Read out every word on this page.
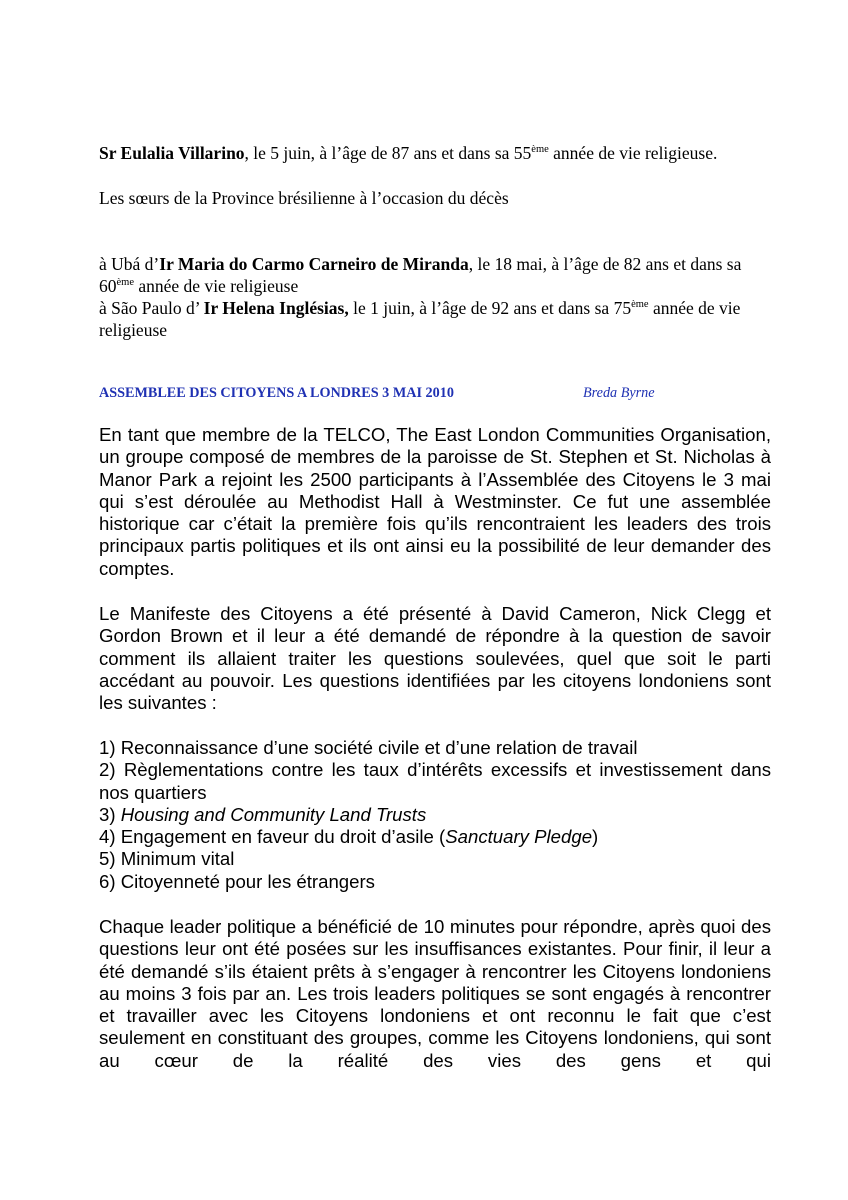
Sr Eulalia Villarino, le 5 juin, à l’âge de 87 ans et dans sa 55ème année de vie religieuse.

Les sœurs de la Province brésilienne à l’occasion du décès

à Ubá d’Ir Maria do Carmo Carneiro de Miranda, le 18 mai, à l’âge de 82 ans et dans sa 60ème année de vie religieuse
à São Paulo d’ Ir Helena Inglésias, le 1 juin, à l’âge de 92 ans et dans sa 75ème année de vie religieuse
ASSEMBLEE DES CITOYENS A LONDRES 3 MAI 2010	Breda Byrne

En tant que membre de la TELCO, The East London Communities Organisation, un groupe composé de membres de la paroisse de St. Stephen et St. Nicholas à Manor Park a rejoint les 2500 participants à l’Assemblée des Citoyens le 3 mai qui s’est déroulée au Methodist Hall à Westminster. Ce fut une assemblée historique car c’était la première fois qu’ils rencontraient les leaders des trois principaux partis politiques et ils ont ainsi eu la possibilité de leur demander des comptes.

Le Manifeste des Citoyens a été présenté à David Cameron, Nick Clegg et Gordon Brown et il leur a été demandé de répondre à la question de savoir comment ils allaient traiter les questions soulevées, quel que soit le parti accédant au pouvoir. Les questions identifiées par les citoyens londoniens sont les suivantes :

1) Reconnaissance d’une société civile et d’une relation de travail
2) Règlementations contre les taux d’intérêts excessifs et investissement dans nos quartiers
3) Housing and Community Land Trusts
4) Engagement en faveur du droit d’asile (Sanctuary Pledge)
5) Minimum vital
6) Citoyenneté pour les étrangers

Chaque leader politique a bénéficié de 10 minutes pour répondre, après quoi des questions leur ont été posées sur les insuffisances existantes. Pour finir, il leur a été demandé s’ils étaient prêts à s’engager à rencontrer les Citoyens londoniens au moins 3 fois par an. Les trois leaders politiques se sont engagés à rencontrer et travailler avec les Citoyens londoniens et ont reconnu le fait que c’est seulement en constituant des groupes, comme les Citoyens londoniens, qui sont au cœur de la réalité des vies des gens et qui
